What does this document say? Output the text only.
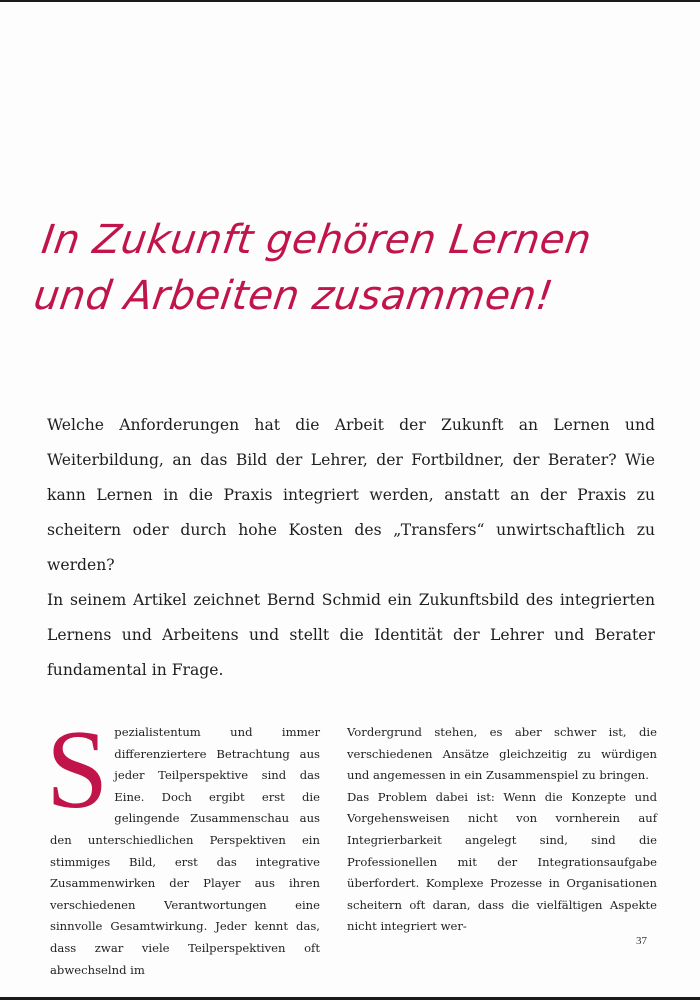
In Zukunft gehören Lernen
und Arbeiten zusammen!

Welche Anforderungen hat die Arbeit der Zukunft an Lernen und Weiterbildung, an das Bild der Lehrer, der Fortbildner, der Berater? Wie kann Lernen in die Praxis integriert werden, anstatt an der Praxis zu scheitern oder durch hohe Kosten des „Transfers“ unwirtschaftlich zu werden?

In seinem Artikel zeichnet Bernd Schmid ein Zukunftsbild des integrierten Lernens und Arbeitens und stellt die Identität der Lehrer und Berater fundamental in Frage.

Spezialistentum und immer differenziertere Betrachtung aus jeder Teilperspektive sind das Eine. Doch ergibt erst die gelingende Zusammenschau aus den unterschiedlichen Perspektiven ein stimmiges Bild, erst das integrative Zusammenwirken der Player aus ihren verschiedenen Verantwortungen eine sinnvolle Gesamtwirkung. Jeder kennt das, dass zwar viele Teilperspektiven oft abwechselnd im

Vordergrund stehen, es aber schwer ist, die verschiedenen Ansätze gleichzeitig zu würdigen und angemessen in ein Zusammenspiel zu bringen.

Das Problem dabei ist: Wenn die Konzepte und Vorgehensweisen nicht von vornherein auf Integrierbarkeit angelegt sind, sind die Professionellen mit der Integrationsaufgabe überfordert. Komplexe Prozesse in Organisationen scheitern oft daran, dass die vielfältigen Aspekte nicht integriert wer-

37
